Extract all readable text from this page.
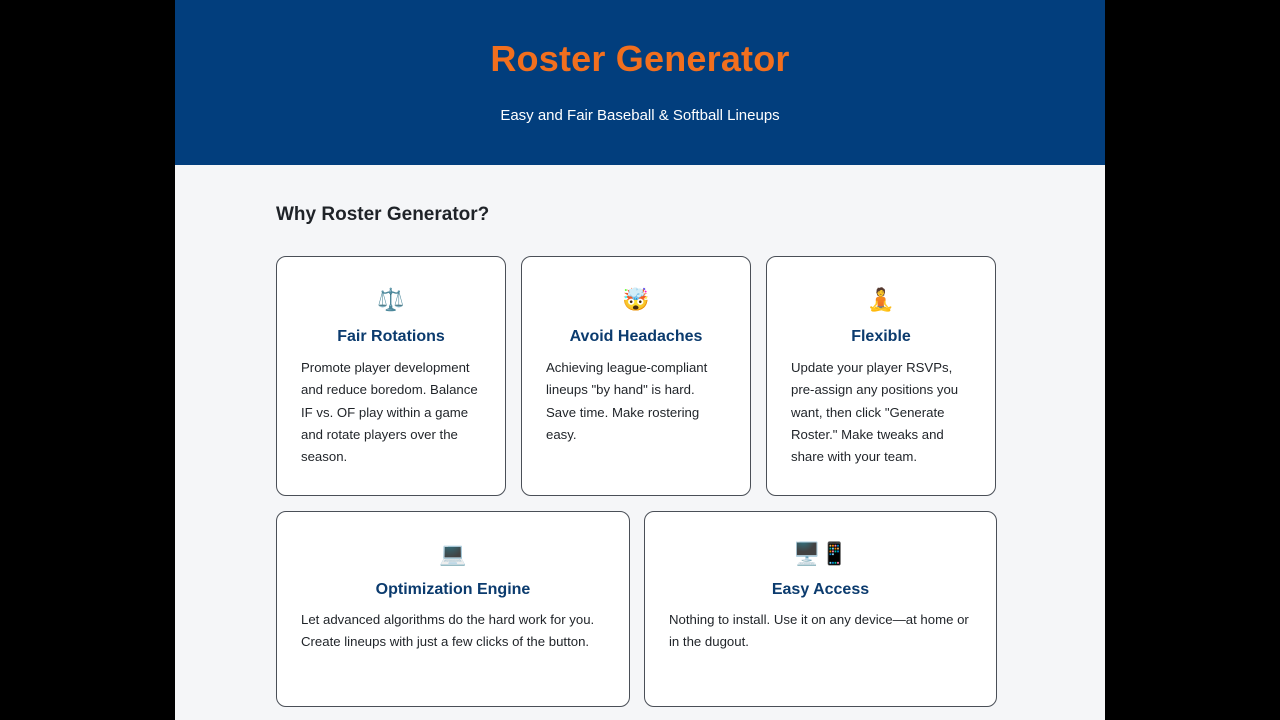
Roster Generator

Easy and Fair Baseball & Softball Lineups

Why Roster Generator?
⚖️
Fair Rotations
Promote player development and reduce boredom. Balance IF vs. OF play within a game and rotate players over the season.
🤯
Avoid Headaches
Achieving league-compliant lineups "by hand" is hard. Save time. Make rostering easy.
🧘
Flexible
Update your player RSVPs, pre-assign any positions you want, then click "Generate Roster." Make tweaks and share with your team.
💻
Optimization Engine
Let advanced algorithms do the hard work for you. Create lineups with just a few clicks of the button.
🖥️📱
Easy Access
Nothing to install. Use it on any device—at home or in the dugout.
